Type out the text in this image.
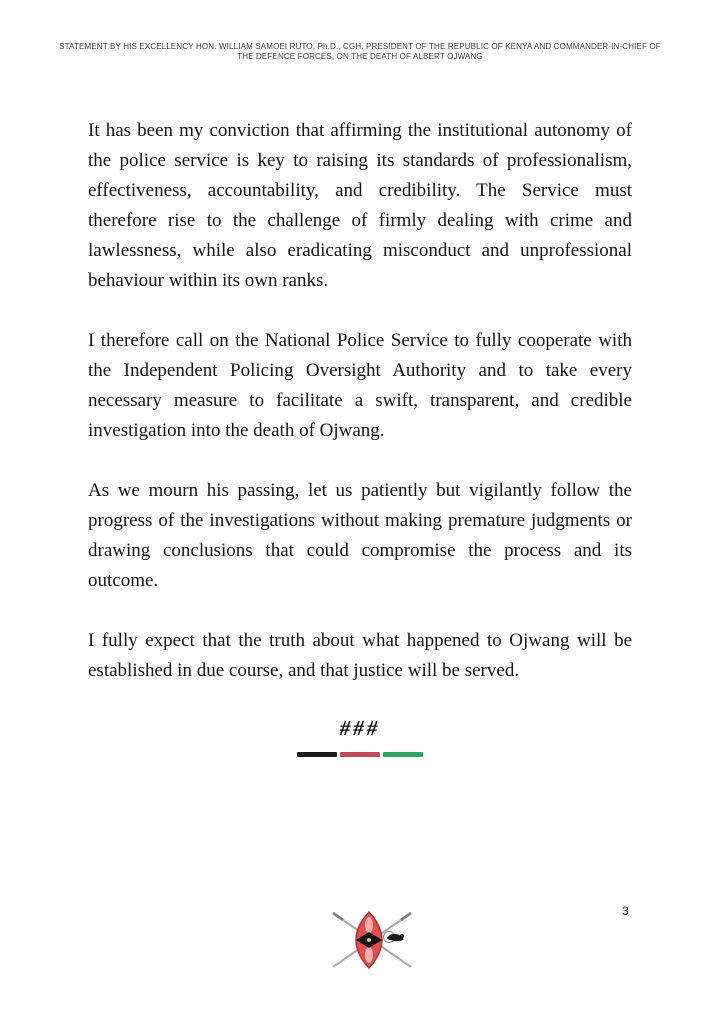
STATEMENT BY HIS EXCELLENCY HON. WILLIAM SAMOEI RUTO, Ph.D., CGH, PRESIDENT OF THE REPUBLIC OF KENYA AND COMMANDER-IN-CHIEF OF
THE DEFENCE FORCES, ON THE DEATH OF ALBERT OJWANG

It has been my conviction that affirming the institutional autonomy of the police service is key to raising its standards of professionalism, effectiveness, accountability, and credibility. The Service must therefore rise to the challenge of firmly dealing with crime and lawlessness, while also eradicating misconduct and unprofessional behaviour within its own ranks.

I therefore call on the National Police Service to fully cooperate with the Independent Policing Oversight Authority and to take every necessary measure to facilitate a swift, transparent, and credible investigation into the death of Ojwang.

As we mourn his passing, let us patiently but vigilantly follow the progress of the investigations without making premature judgments or drawing conclusions that could compromise the process and its outcome.

I fully expect that the truth about what happened to Ojwang will be established in due course, and that justice will be served.

###
3
